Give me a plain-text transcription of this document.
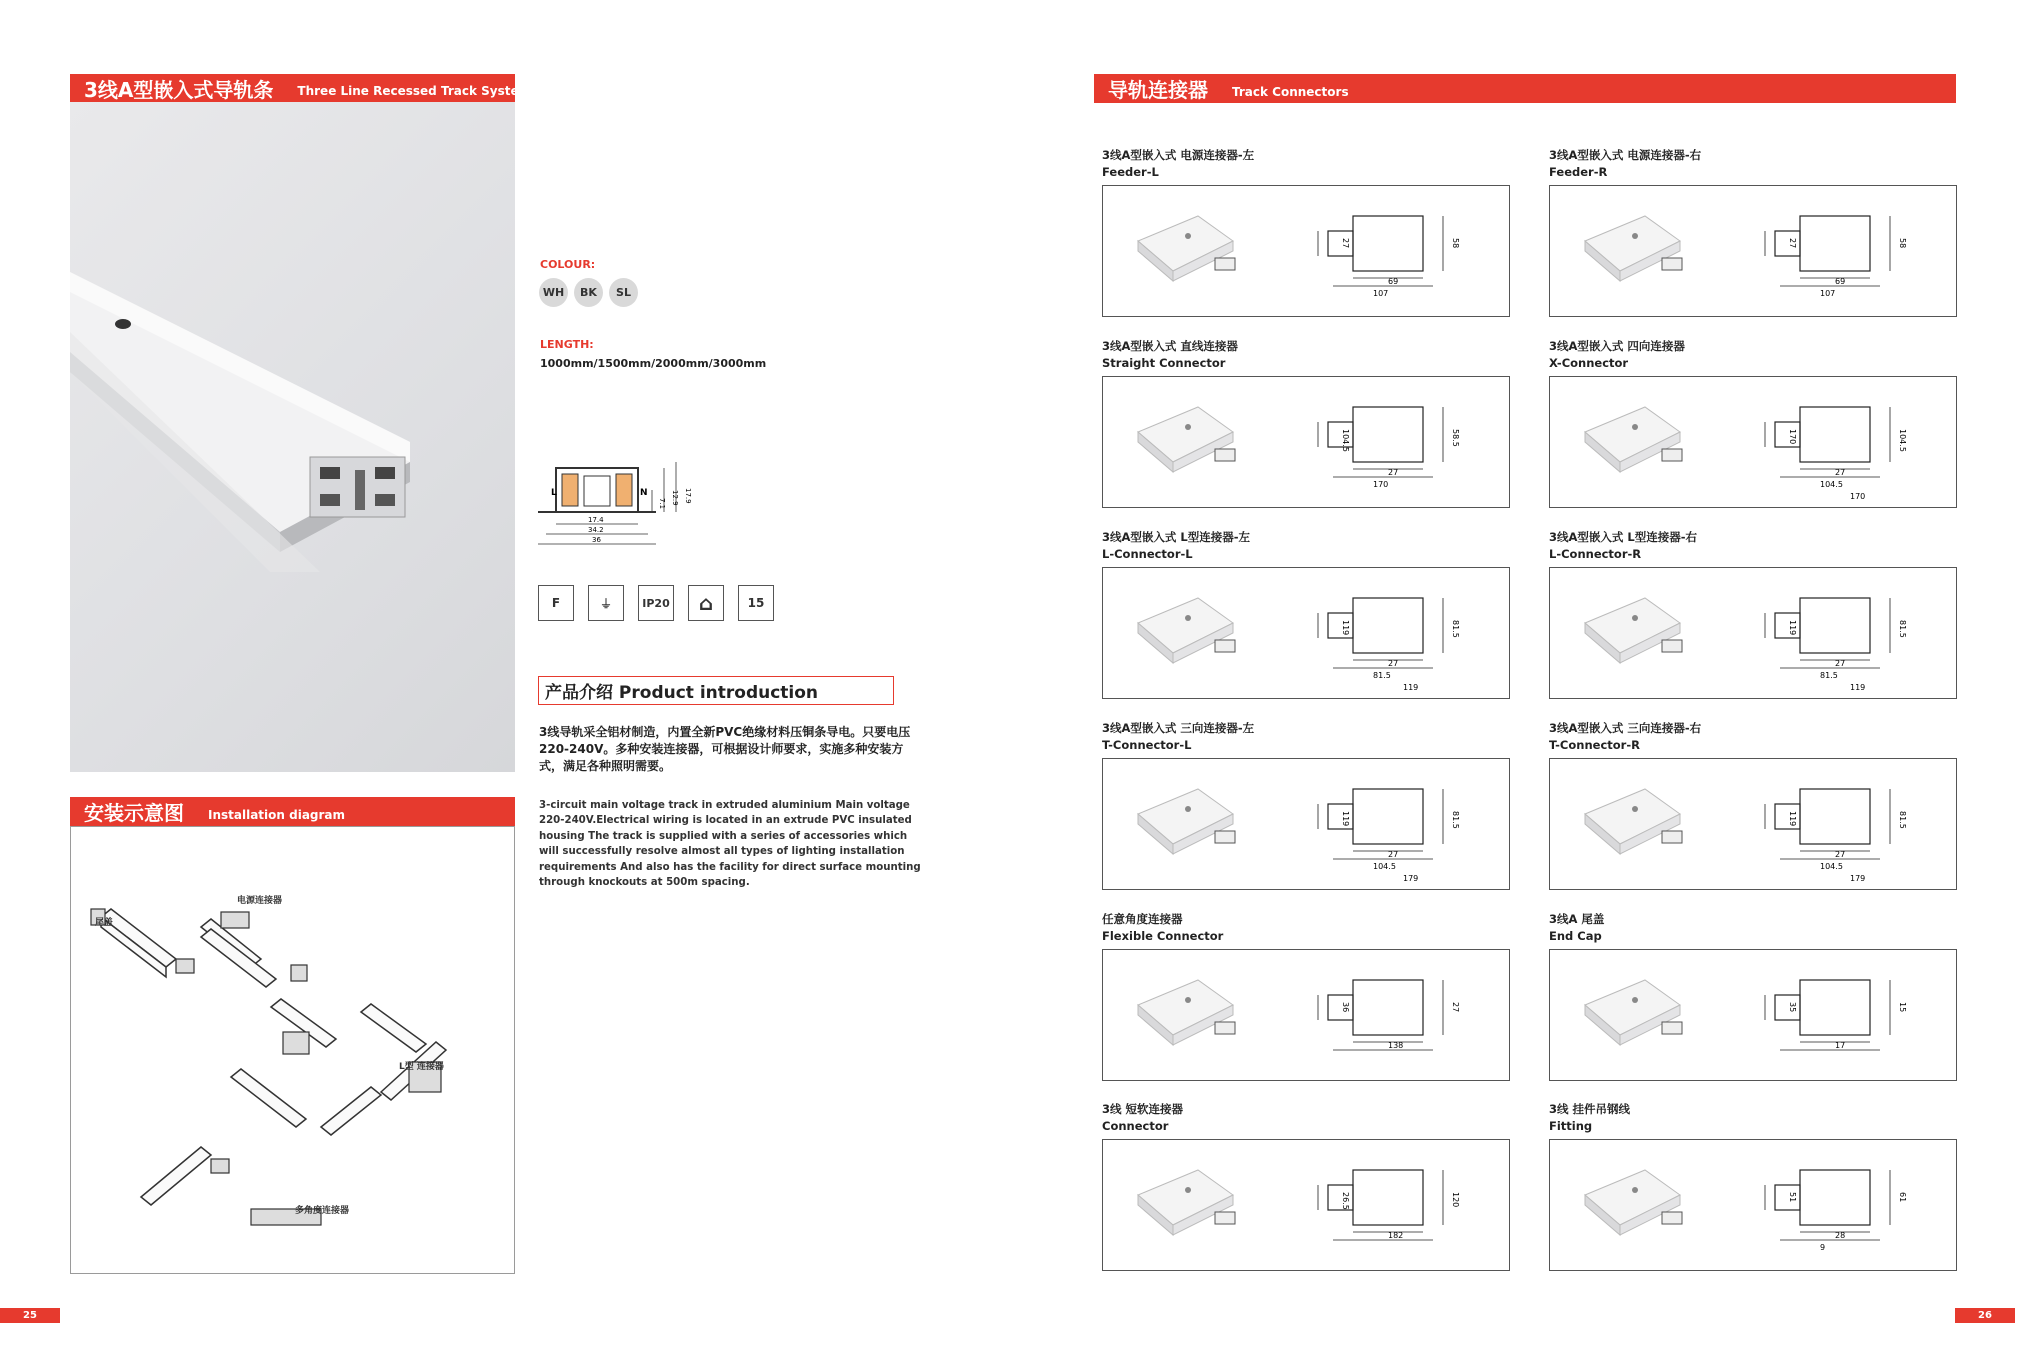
3线A型嵌入式导轨条 Three Line Recessed Track System
COLOUR:
WH	BK	SL
LENGTH:
1000mm/1500mm/2000mm/3000mm
L	N
17.4
34.2
36
17.9
12.9
7.1
F	⏚	IP20	⌂	15
产品介绍 Product introduction
3线导轨采全铝材制造，内置全新PVC绝缘材料压铜条导电。只要电压220-240V。多种安装连接器，可根据设计师要求，实施多种安装方式，满足各种照明需要。
3-circuit main voltage track in extruded aluminium Main voltage 220-240V.Electrical wiring is located in an extrude PVC insulated housing The track is supplied with a series of accessories which will successfully resolve almost all types of lighting installation requirements And also has the facility for direct surface mounting through knockouts at 500m spacing.
安装示意图 Installation diagram
尾盖
电源连接器
L型 连接器
多角度连接器
25
导轨连接器 Track Connectors
3线A型嵌入式 电源连接器-左
Feeder-L
27	58
69
107
3线A型嵌入式 电源连接器-右
Feeder-R
27	58
69
107
3线A型嵌入式 直线连接器
Straight Connector
104.5	58.5
27
170
3线A型嵌入式 四向连接器
X-Connector
170	104.5
27
104.5
170
3线A型嵌入式 L型连接器-左
L-Connector-L
119	81.5
27
81.5
119
3线A型嵌入式 L型连接器-右
L-Connector-R
119	81.5
27
81.5
119
3线A型嵌入式 三向连接器-左
T-Connector-L
119	81.5
27
104.5
179
3线A型嵌入式 三向连接器-右
T-Connector-R
119	81.5
27
104.5
179
任意角度连接器
Flexible Connector
36	27
138
3线A 尾盖
End Cap
35	15
17
3线 短软连接器
Connector
26.5	120
182
3线 挂件吊钢线
Fitting
51	61
28
9
26
